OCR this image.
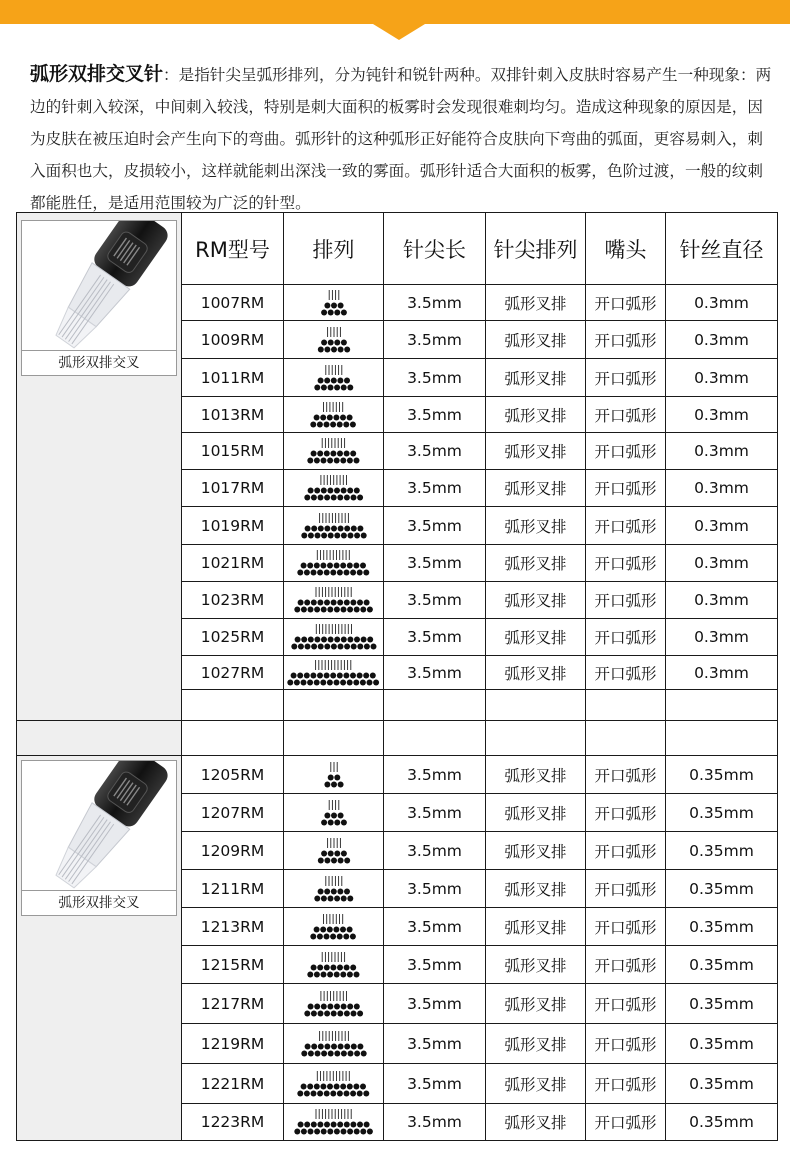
弧形双排交叉针：是指针尖呈弧形排列，分为钝针和锐针两种。双排针刺入皮肤时容易产生一种现象：两边的针刺入较深，中间刺入较浅，特别是刺大面积的板雾时会发现很难刺均匀。造成这种现象的原因是，因为皮肤在被压迫时会产生向下的弯曲。弧形针的这种弧形正好能符合皮肤向下弯曲的弧面，更容易刺入，刺入面积也大，皮损较小，这样就能刺出深浅一致的雾面。弧形针适合大面积的板雾，色阶过渡，一般的纹刺都能胜任，是适用范围较为广泛的针型。
弧形双排交叉	RM型号	排列	针尖长	针尖排列	嘴头	针丝直径
	1007RM		3.5mm	弧形叉排	开口弧形	0.3mm
	1009RM		3.5mm	弧形叉排	开口弧形	0.3mm
	1011RM		3.5mm	弧形叉排	开口弧形	0.3mm
	1013RM		3.5mm	弧形叉排	开口弧形	0.3mm
	1015RM		3.5mm	弧形叉排	开口弧形	0.3mm
	1017RM		3.5mm	弧形叉排	开口弧形	0.3mm
	1019RM		3.5mm	弧形叉排	开口弧形	0.3mm
	1021RM		3.5mm	弧形叉排	开口弧形	0.3mm
	1023RM		3.5mm	弧形叉排	开口弧形	0.3mm
	1025RM		3.5mm	弧形叉排	开口弧形	0.3mm
	1027RM		3.5mm	弧形叉排	开口弧形	0.3mm

弧形双排交叉	1205RM		3.5mm	弧形叉排	开口弧形	0.35mm
	1207RM		3.5mm	弧形叉排	开口弧形	0.35mm
	1209RM		3.5mm	弧形叉排	开口弧形	0.35mm
	1211RM		3.5mm	弧形叉排	开口弧形	0.35mm
	1213RM		3.5mm	弧形叉排	开口弧形	0.35mm
	1215RM		3.5mm	弧形叉排	开口弧形	0.35mm
	1217RM		3.5mm	弧形叉排	开口弧形	0.35mm
	1219RM		3.5mm	弧形叉排	开口弧形	0.35mm
	1221RM		3.5mm	弧形叉排	开口弧形	0.35mm
	1223RM		3.5mm	弧形叉排	开口弧形	0.35mm
